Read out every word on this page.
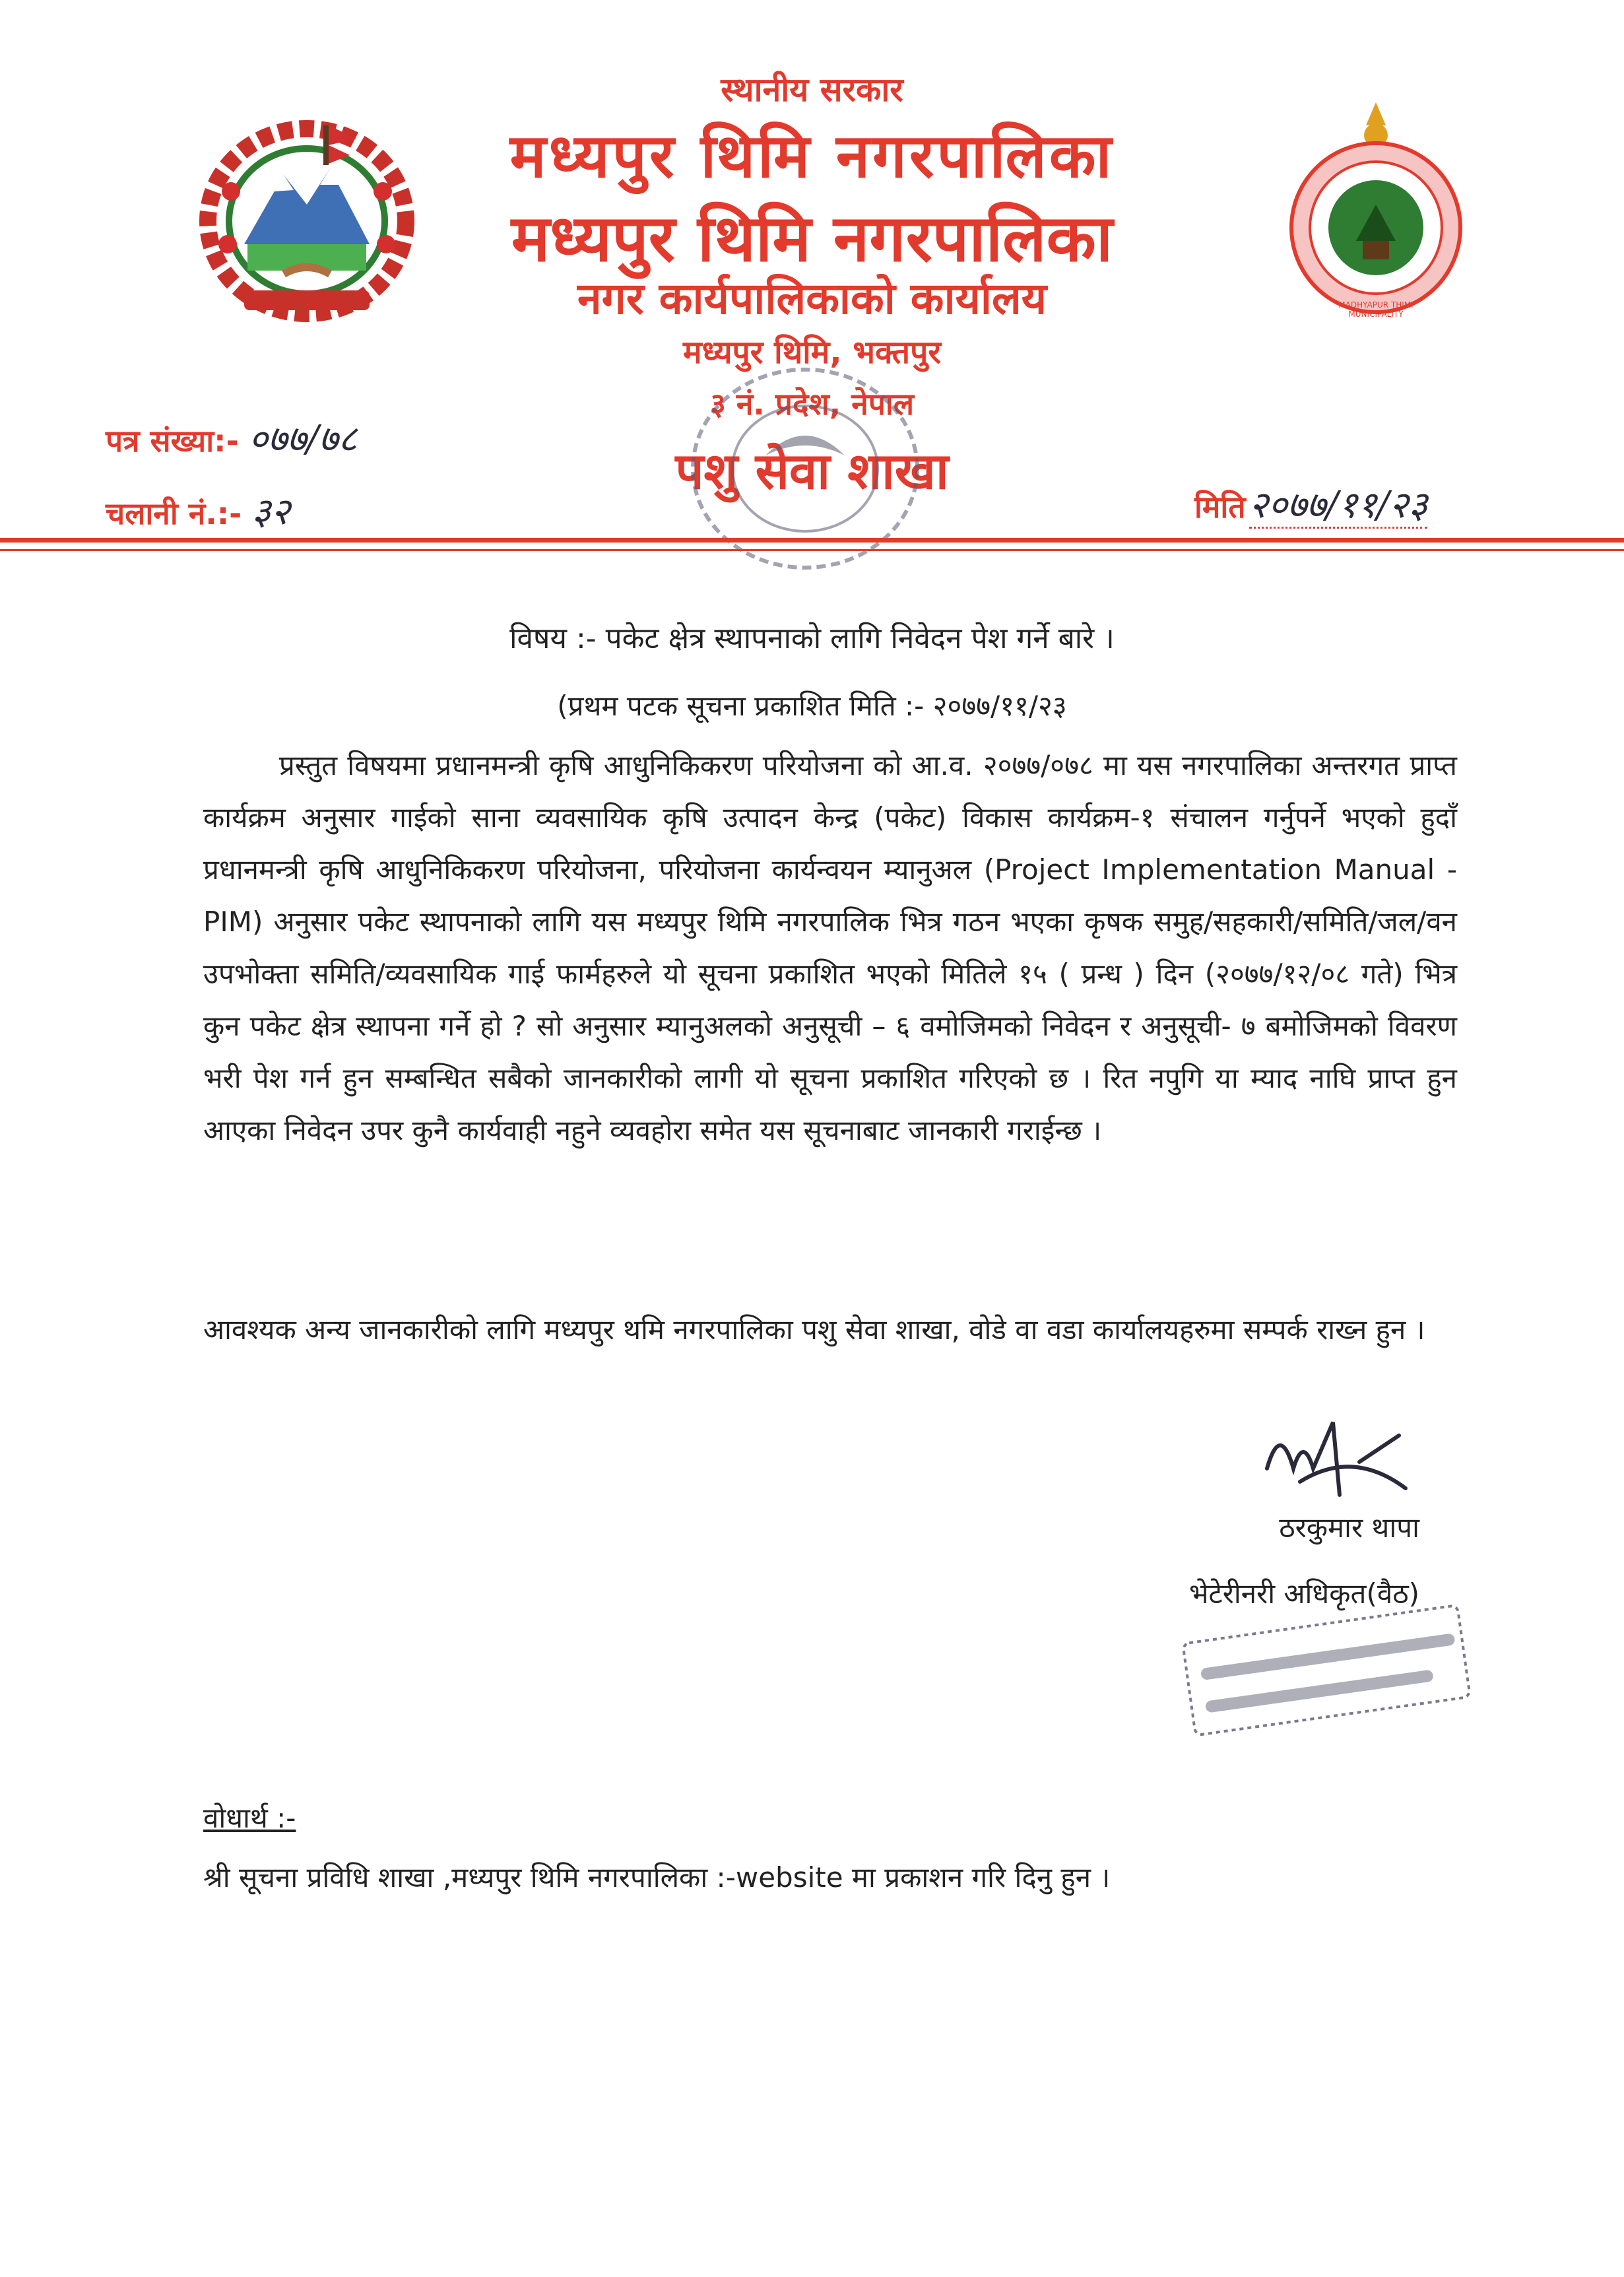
MADHYAPUR THIMI MUNICIPALITY
स्थानीय सरकार
मध्यपुर थिमि नगरपालिका
मध्यपुर थिमि नगरपालिका
नगर कार्यपालिकाको कार्यालय
मध्यपुर थिमि, भक्तपुर
३ नं. प्रदेश, नेपाल
पशु सेवा शाखा
पत्र संख्या:- ०७७/७८
चलानी नं.:- ३२	मिति २०७७/११/२३
विषय :- पकेट क्षेत्र स्थापनाको लागि निवेदन पेश गर्ने बारे ।
(प्रथम पटक सूचना प्रकाशित मिति :- २०७७/११/२३

प्रस्तुत विषयमा प्रधानमन्त्री कृषि आधुनिकिकरण परियोजना को आ.व. २०७७/०७८ मा यस नगरपालिका अन्तरगत प्राप्त कार्यक्रम अनुसार गाईको साना व्यवसायिक कृषि उत्पादन केन्द्र (पकेट) विकास कार्यक्रम-१ संचालन गर्नुपर्ने भएको हुदाँ प्रधानमन्त्री कृषि आधुनिकिकरण परियोजना, परियोजना कार्यन्वयन म्यानुअल (Project Implementation Manual -PIM) अनुसार पकेट स्थापनाको लागि यस मध्यपुर थिमि नगरपालिक भित्र गठन भएका कृषक समुह/सहकारी/समिति/जल/वन उपभोक्ता समिति/व्यवसायिक गाई फार्महरुले यो सूचना प्रकाशित भएको मितिले १५ ( प्रन्ध ) दिन (२०७७/१२/०८ गते) भित्र कुन पकेट क्षेत्र स्थापना गर्ने हो ? सो अनुसार म्यानुअलको अनुसूची – ६ वमोजिमको निवेदन र अनुसूची- ७ बमोजिमको विवरण भरी पेश गर्न हुन सम्बन्धित सबैको जानकारीको लागी यो सूचना प्रकाशित गरिएको छ । रित नपुगि या म्याद नाघि प्राप्त हुन आएका निवेदन उपर कुनै कार्यवाही नहुने व्यवहोरा समेत यस सूचनाबाट जानकारी गराईन्छ ।

आवश्यक अन्य जानकारीको लागि मध्यपुर थमि नगरपालिका पशु सेवा शाखा, वोडे वा वडा कार्यालयहरुमा सम्पर्क राख्न हुन ।

ठरकुमार थापा
भेटेरीनरी अधिकृत(वैठ)
वोधार्थ :-
श्री सूचना प्रविधि शाखा ,मध्यपुर थिमि नगरपालिका :-website मा प्रकाशन गरि दिनु हुन ।
